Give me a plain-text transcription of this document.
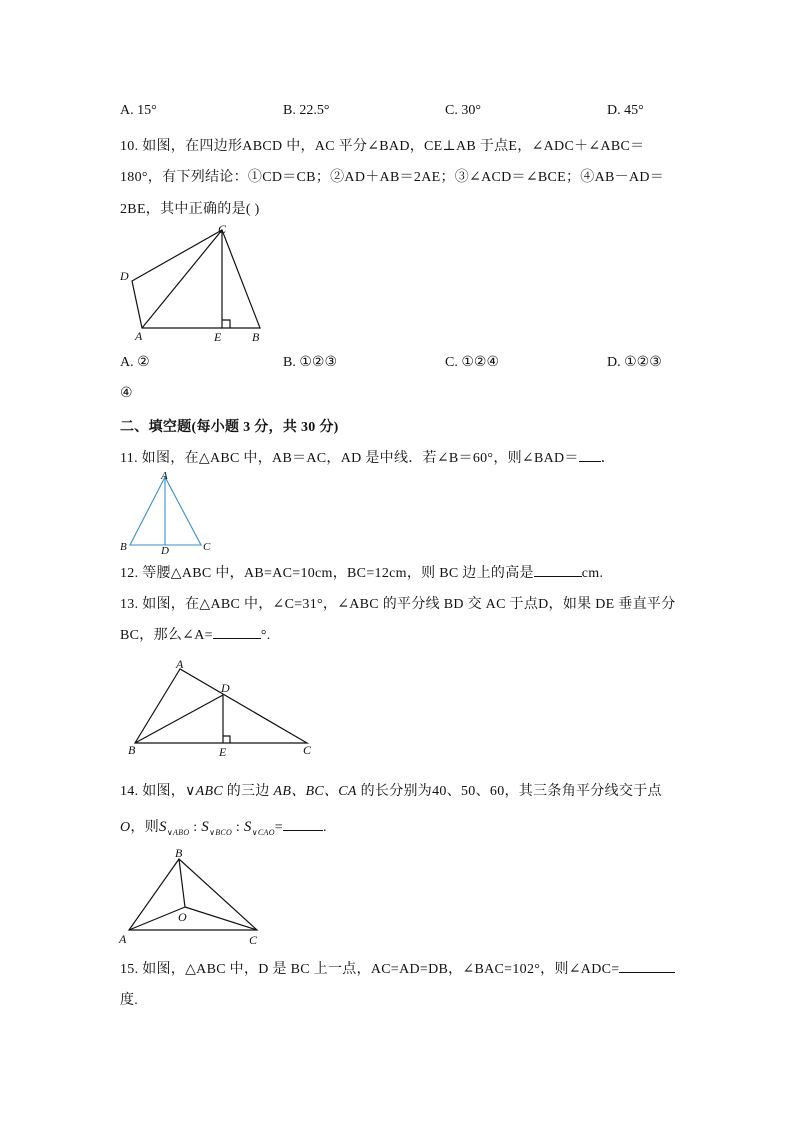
A. 15°	B. 22.5°	C. 30°	D. 45°
10. 如图，在四边形ABCD 中，AC 平分∠BAD，CE⊥AB 于点E，∠ADC＋∠ABC＝
180°，有下列结论：①CD＝CB；②AD＋AB＝2AE；③∠ACD＝∠BCE；④AB－AD＝
2BE，其中正确的是( )
C
D
A	E	B
A. ②	B. ①②③	C. ①②④	D. ①②③
④
二、填空题(每小题 3 分，共 30 分)
11. 如图，在△ABC 中，AB＝AC，AD 是中线．若∠B＝60°，则∠BAD＝ ．
A
B	D	C
12. 等腰△ABC 中，AB=AC=10cm，BC=12cm，则 BC 边上的高是	cm.
13. 如图，在△ABC 中，∠C=31°，∠ABC 的平分线 BD 交 AC 于点D，如果 DE 垂直平分
BC，那么∠A=	°.
A
D
B	E	C
14. 如图，∨ABC 的三边 AB、BC、CA 的长分别为40、50、60，其三条角平分线交于点
O，则$S_{\vee ABO}$ : $S_{\vee BCO}$ : $S_{\vee CAO}=$	.
B
O
A	C
15. 如图，△ABC 中，D 是 BC 上一点，AC=AD=DB，∠BAC=102°，则∠ADC=
度.
